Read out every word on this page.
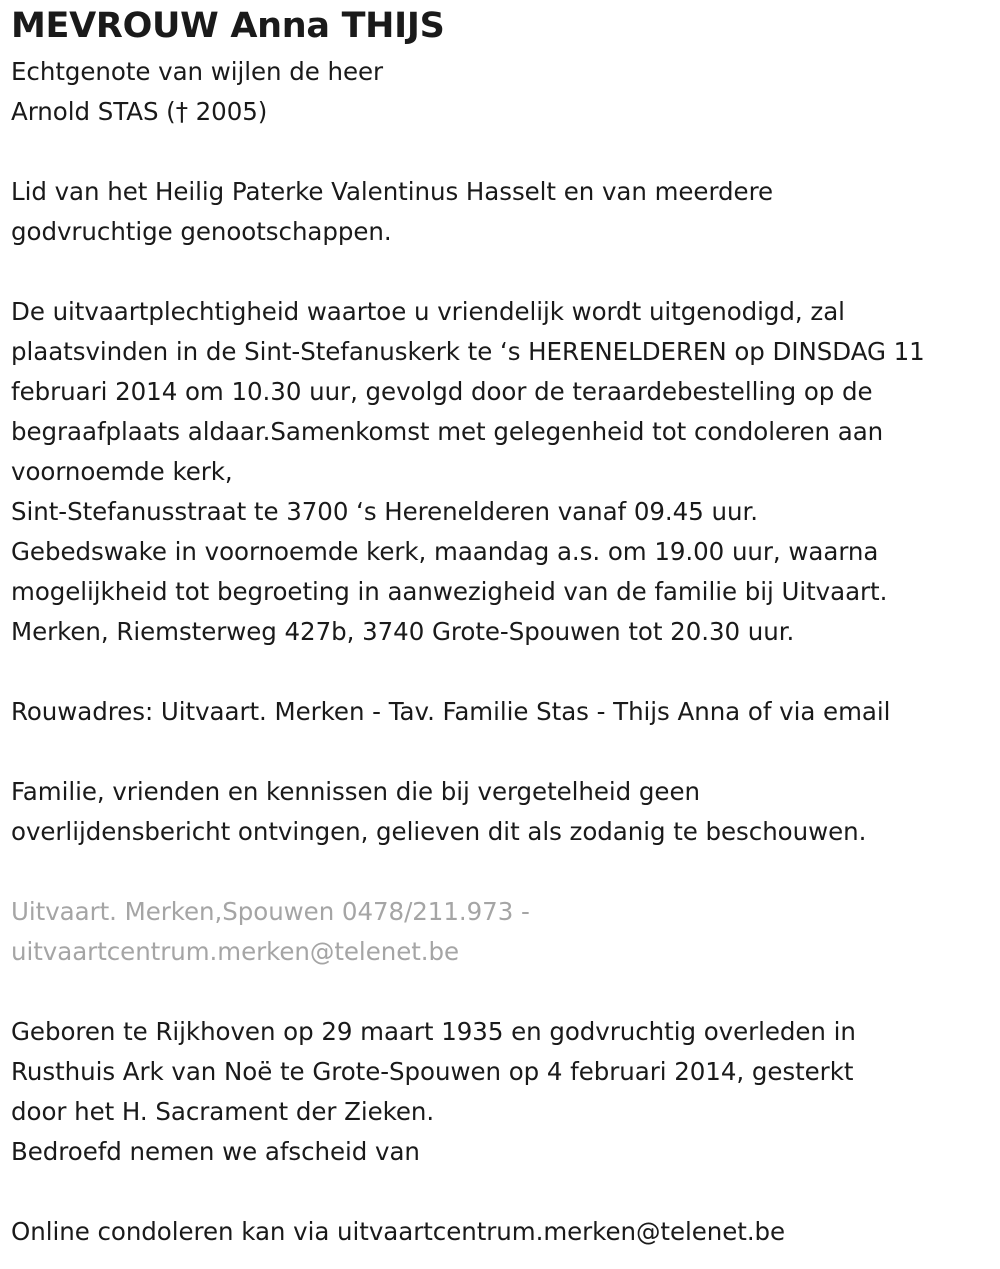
MEVROUW Anna THIJS
Echtgenote van wijlen de heer
Arnold STAS († 2005)
Lid van het Heilig Paterke Valentinus Hasselt en van meerdere
godvruchtige genootschappen.
De uitvaartplechtigheid waartoe u vriendelijk wordt uitgenodigd, zal
plaatsvinden in de Sint-Stefanuskerk te ‘s HERENELDEREN op DINSDAG 11
februari 2014 om 10.30 uur, gevolgd door de teraardebestelling op de
begraafplaats aldaar.Samenkomst met gelegenheid tot condoleren aan
voornoemde kerk,
Sint-Stefanusstraat te 3700 ‘s Herenelderen vanaf 09.45 uur.
Gebedswake in voornoemde kerk, maandag a.s. om 19.00 uur, waarna
mogelijkheid tot begroeting in aanwezigheid van de familie bij Uitvaart.
Merken, Riemsterweg 427b, 3740 Grote-Spouwen tot 20.30 uur.
Rouwadres: Uitvaart. Merken - Tav. Familie Stas - Thijs Anna of via email
Familie, vrienden en kennissen die bij vergetelheid geen
overlijdensbericht ontvingen, gelieven dit als zodanig te beschouwen.
Uitvaart. Merken,Spouwen 0478/211.973 -
uitvaartcentrum.merken@telenet.be
Geboren te Rijkhoven op 29 maart 1935 en godvruchtig overleden in
Rusthuis Ark van Noë te Grote-Spouwen op 4 februari 2014, gesterkt
door het H. Sacrament der Zieken.
Bedroefd nemen we afscheid van
Online condoleren kan via uitvaartcentrum.merken@telenet.be
